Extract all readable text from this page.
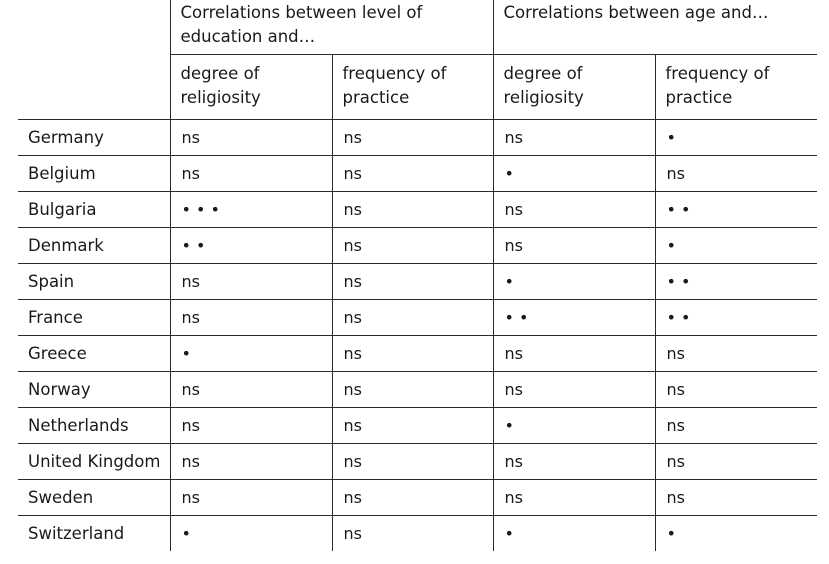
	Correlations between level of education and…		Correlations between age and…	
	degree of religiosity	frequency of practice	degree of religiosity	frequency of practice
Germany	ns	ns	ns	•
Belgium	ns	ns	•	ns
Bulgaria	• • •	ns	ns	• •
Denmark	• •	ns	ns	•
Spain	ns	ns	•	• •
France	ns	ns	• •	• •
Greece	•	ns	ns	ns
Norway	ns	ns	ns	ns
Netherlands	ns	ns	•	ns
United Kingdom	ns	ns	ns	ns
Sweden	ns	ns	ns	ns
Switzerland	•	ns	•	•
